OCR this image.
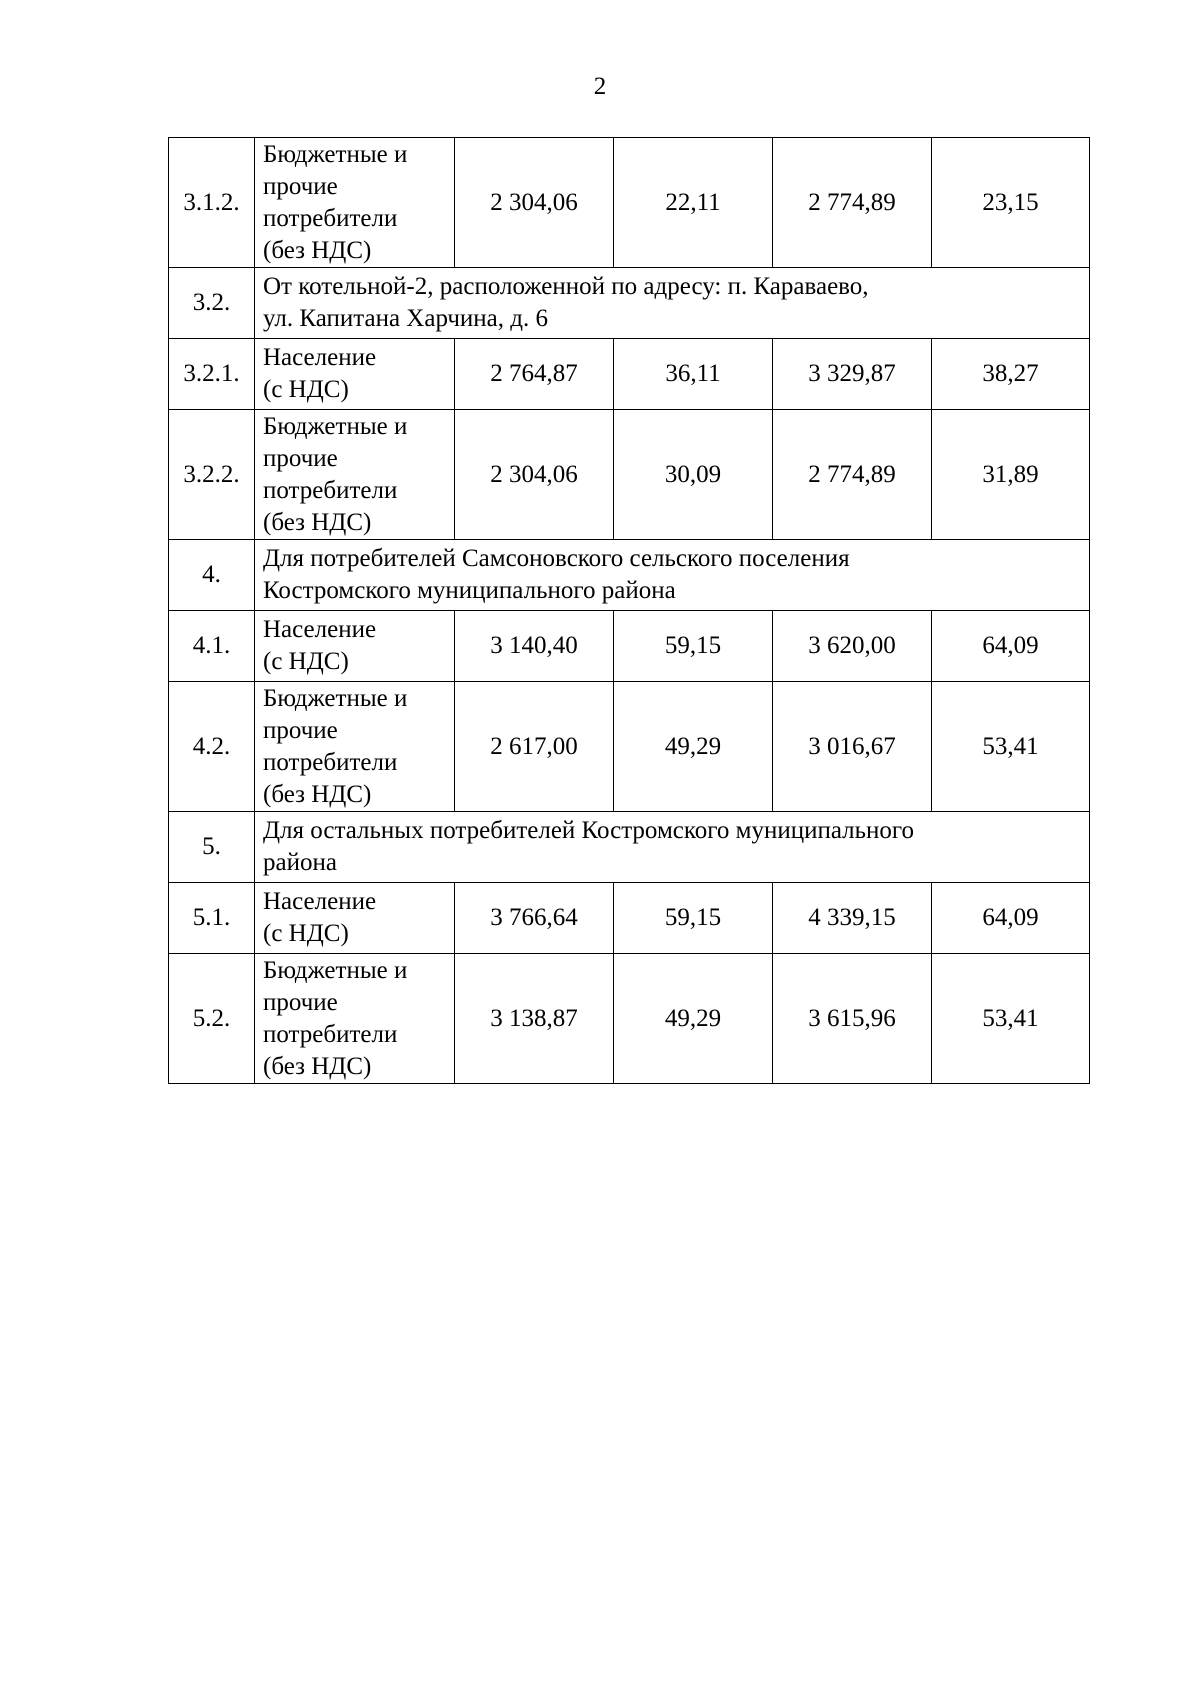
2
3.1.2.	Бюджетные и
прочие
потребители
(без НДС)	2 304,06	22,11	2 774,89	23,15
3.2.	От котельной-2, расположенной по адресу: п. Караваево,
ул. Капитана Харчина, д. 6				

3.2.1.	Население
(с НДС)	2 764,87	36,11	3 329,87	38,27
3.2.2.	Бюджетные и
прочие
потребители
(без НДС)	2 304,06	30,09	2 774,89	31,89
4.	Для потребителей Самсоновского сельского поселения
Костромского муниципального района				

4.1.	Население
(с НДС)	3 140,40	59,15	3 620,00	64,09
4.2.	Бюджетные и
прочие
потребители
(без НДС)	2 617,00	49,29	3 016,67	53,41
5.	Для остальных потребителей Костромского муниципального
района				

5.1.	Население
(с НДС)	3 766,64	59,15	4 339,15	64,09
5.2.	Бюджетные и
прочие
потребители
(без НДС)	3 138,87	49,29	3 615,96	53,41
